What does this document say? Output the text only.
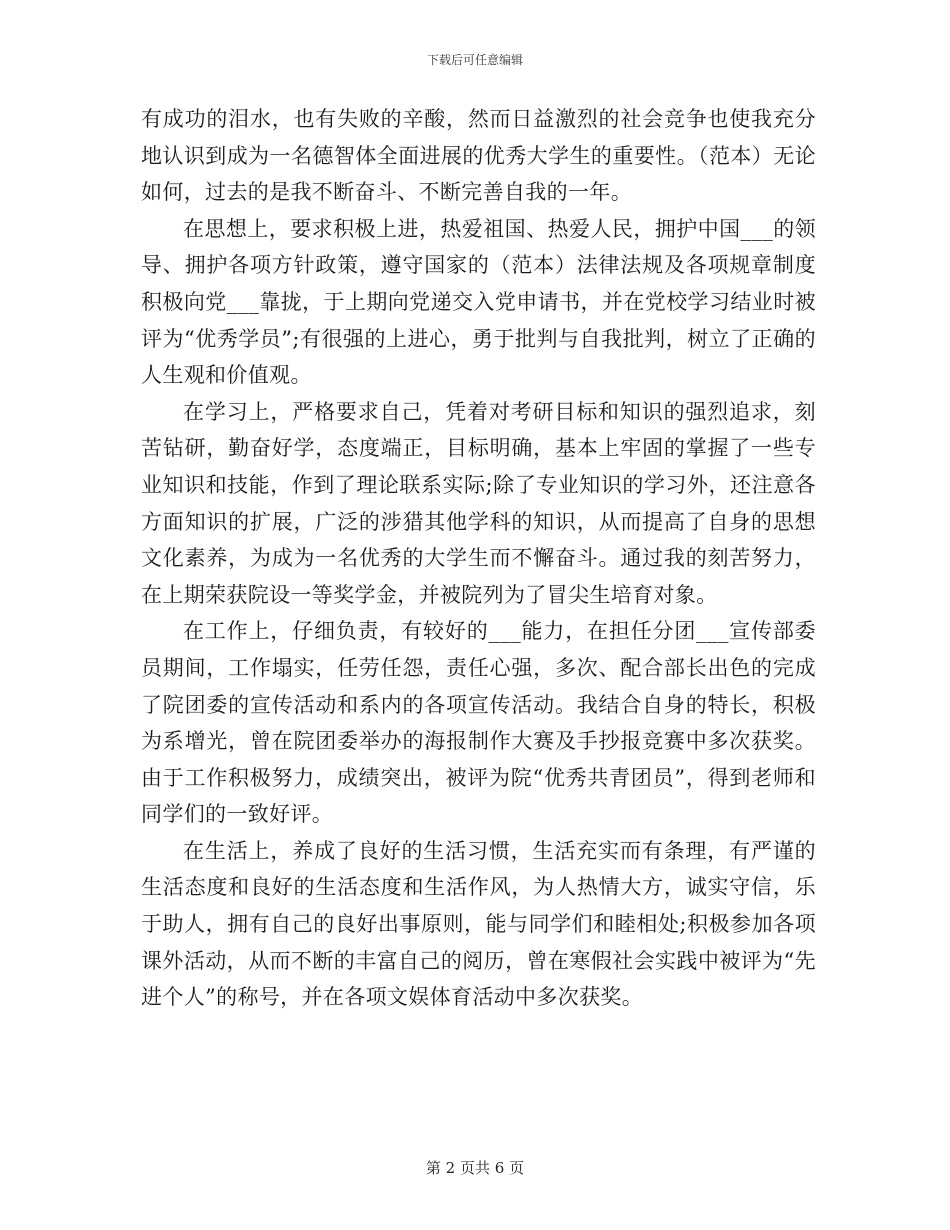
下载后可任意编辑

有成功的泪水，也有失败的辛酸，然而日益激烈的社会竞争也使我充分地认识到成为一名德智体全面进展的优秀大学生的重要性。（范本）无论如何，过去的是我不断奋斗、不断完善自我的一年。

在思想上，要求积极上进，热爱祖国、热爱人民，拥护中国___的领导、拥护各项方针政策，遵守国家的（范本）法律法规及各项规章制度积极向党___靠拢，于上期向党递交入党申请书，并在党校学习结业时被评为“优秀学员”;有很强的上进心，勇于批判与自我批判，树立了正确的人生观和价值观。

在学习上，严格要求自己，凭着对考研目标和知识的强烈追求，刻苦钻研，勤奋好学，态度端正，目标明确，基本上牢固的掌握了一些专业知识和技能，作到了理论联系实际;除了专业知识的学习外，还注意各方面知识的扩展，广泛的涉猎其他学科的知识，从而提高了自身的思想文化素养，为成为一名优秀的大学生而不懈奋斗。通过我的刻苦努力，在上期荣获院设一等奖学金，并被院列为了冒尖生培育对象。

在工作上，仔细负责，有较好的___能力，在担任分团___宣传部委员期间，工作塌实，任劳任怨，责任心强，多次、配合部长出色的完成了院团委的宣传活动和系内的各项宣传活动。我结合自身的特长，积极为系增光，曾在院团委举办的海报制作大赛及手抄报竞赛中多次获奖。由于工作积极努力，成绩突出，被评为院“优秀共青团员”，得到老师和同学们的一致好评。

在生活上，养成了良好的生活习惯，生活充实而有条理，有严谨的生活态度和良好的生活态度和生活作风，为人热情大方，诚实守信，乐于助人，拥有自己的良好出事原则，能与同学们和睦相处;积极参加各项课外活动，从而不断的丰富自己的阅历，曾在寒假社会实践中被评为“先进个人”的称号，并在各项文娱体育活动中多次获奖。

第 2 页共 6 页
